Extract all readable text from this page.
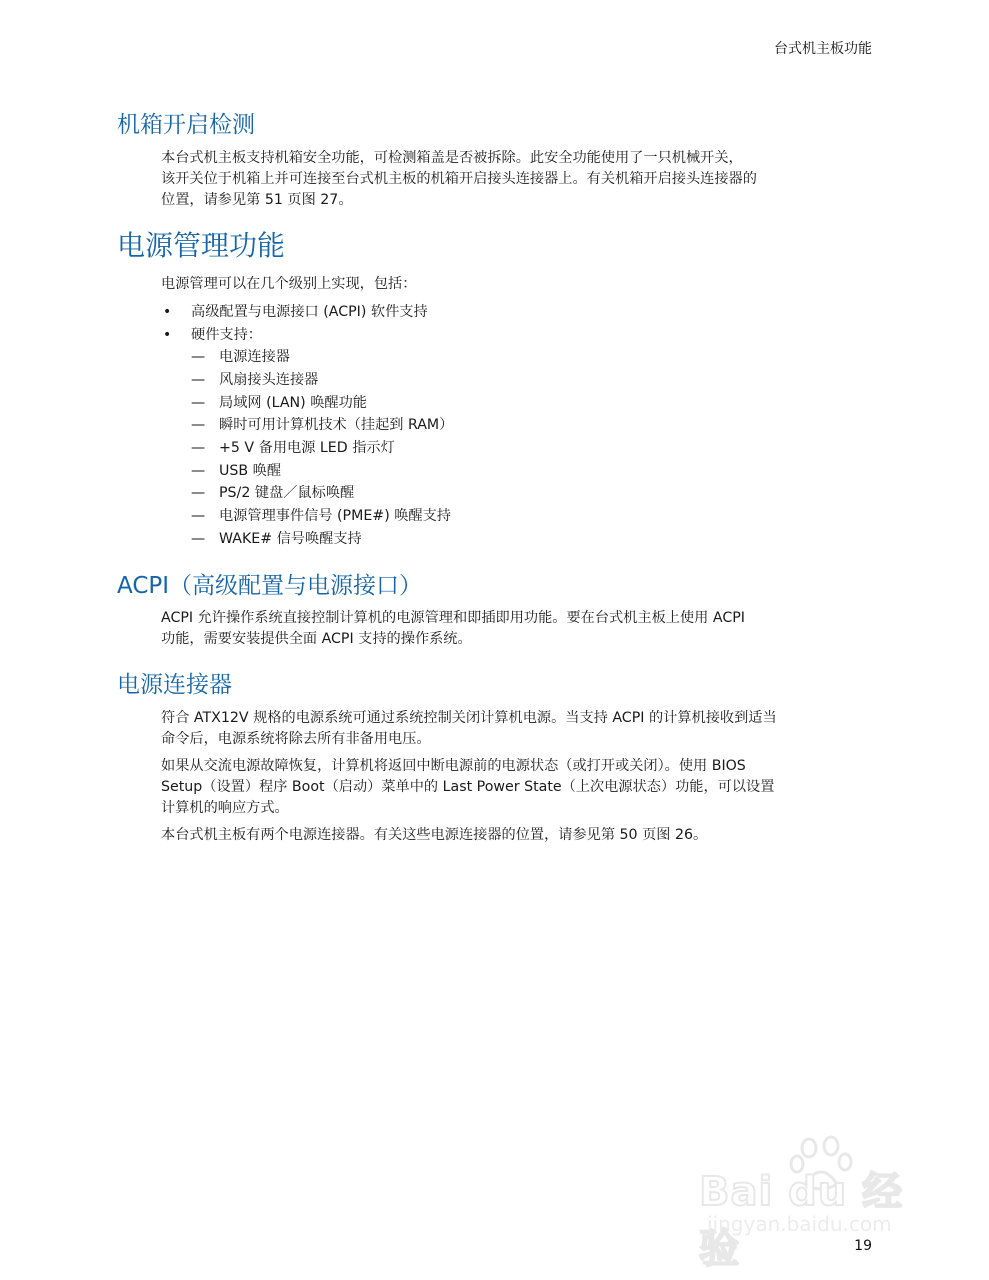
台式机主板功能
机箱开启检测

本台式机主板支持机箱安全功能，可检测箱盖是否被拆除。此安全功能使用了一只机械开关，
该开关位于机箱上并可连接至台式机主板的机箱开启接头连接器上。有关机箱开启接头连接器的
位置，请参见第 51 页图 27。

电源管理功能

电源管理可以在几个级别上实现，包括：

• 高级配置与电源接口 (ACPI) 软件支持
• 硬件支持：
— 电源连接器
— 风扇接头连接器
— 局域网 (LAN) 唤醒功能
— 瞬时可用计算机技术（挂起到 RAM）
— +5 V 备用电源 LED 指示灯
— USB 唤醒
— PS/2 键盘／鼠标唤醒
— 电源管理事件信号 (PME#) 唤醒支持
— WAKE# 信号唤醒支持
ACPI（高级配置与电源接口）

ACPI 允许操作系统直接控制计算机的电源管理和即插即用功能。要在台式机主板上使用 ACPI
功能，需要安装提供全面 ACPI 支持的操作系统。

电源连接器

符合 ATX12V 规格的电源系统可通过系统控制关闭计算机电源。当支持 ACPI 的计算机接收到适当
命令后，电源系统将除去所有非备用电压。

如果从交流电源故障恢复，计算机将返回中断电源前的电源状态（或打开或关闭）。使用 BIOS
Setup（设置）程序 Boot（启动）菜单中的 Last Power State（上次电源状态）功能，可以设置
计算机的响应方式。

本台式机主板有两个电源连接器。有关这些电源连接器的位置，请参见第 50 页图 26。

Bai du 经验
jingyan.baidu.com
19
